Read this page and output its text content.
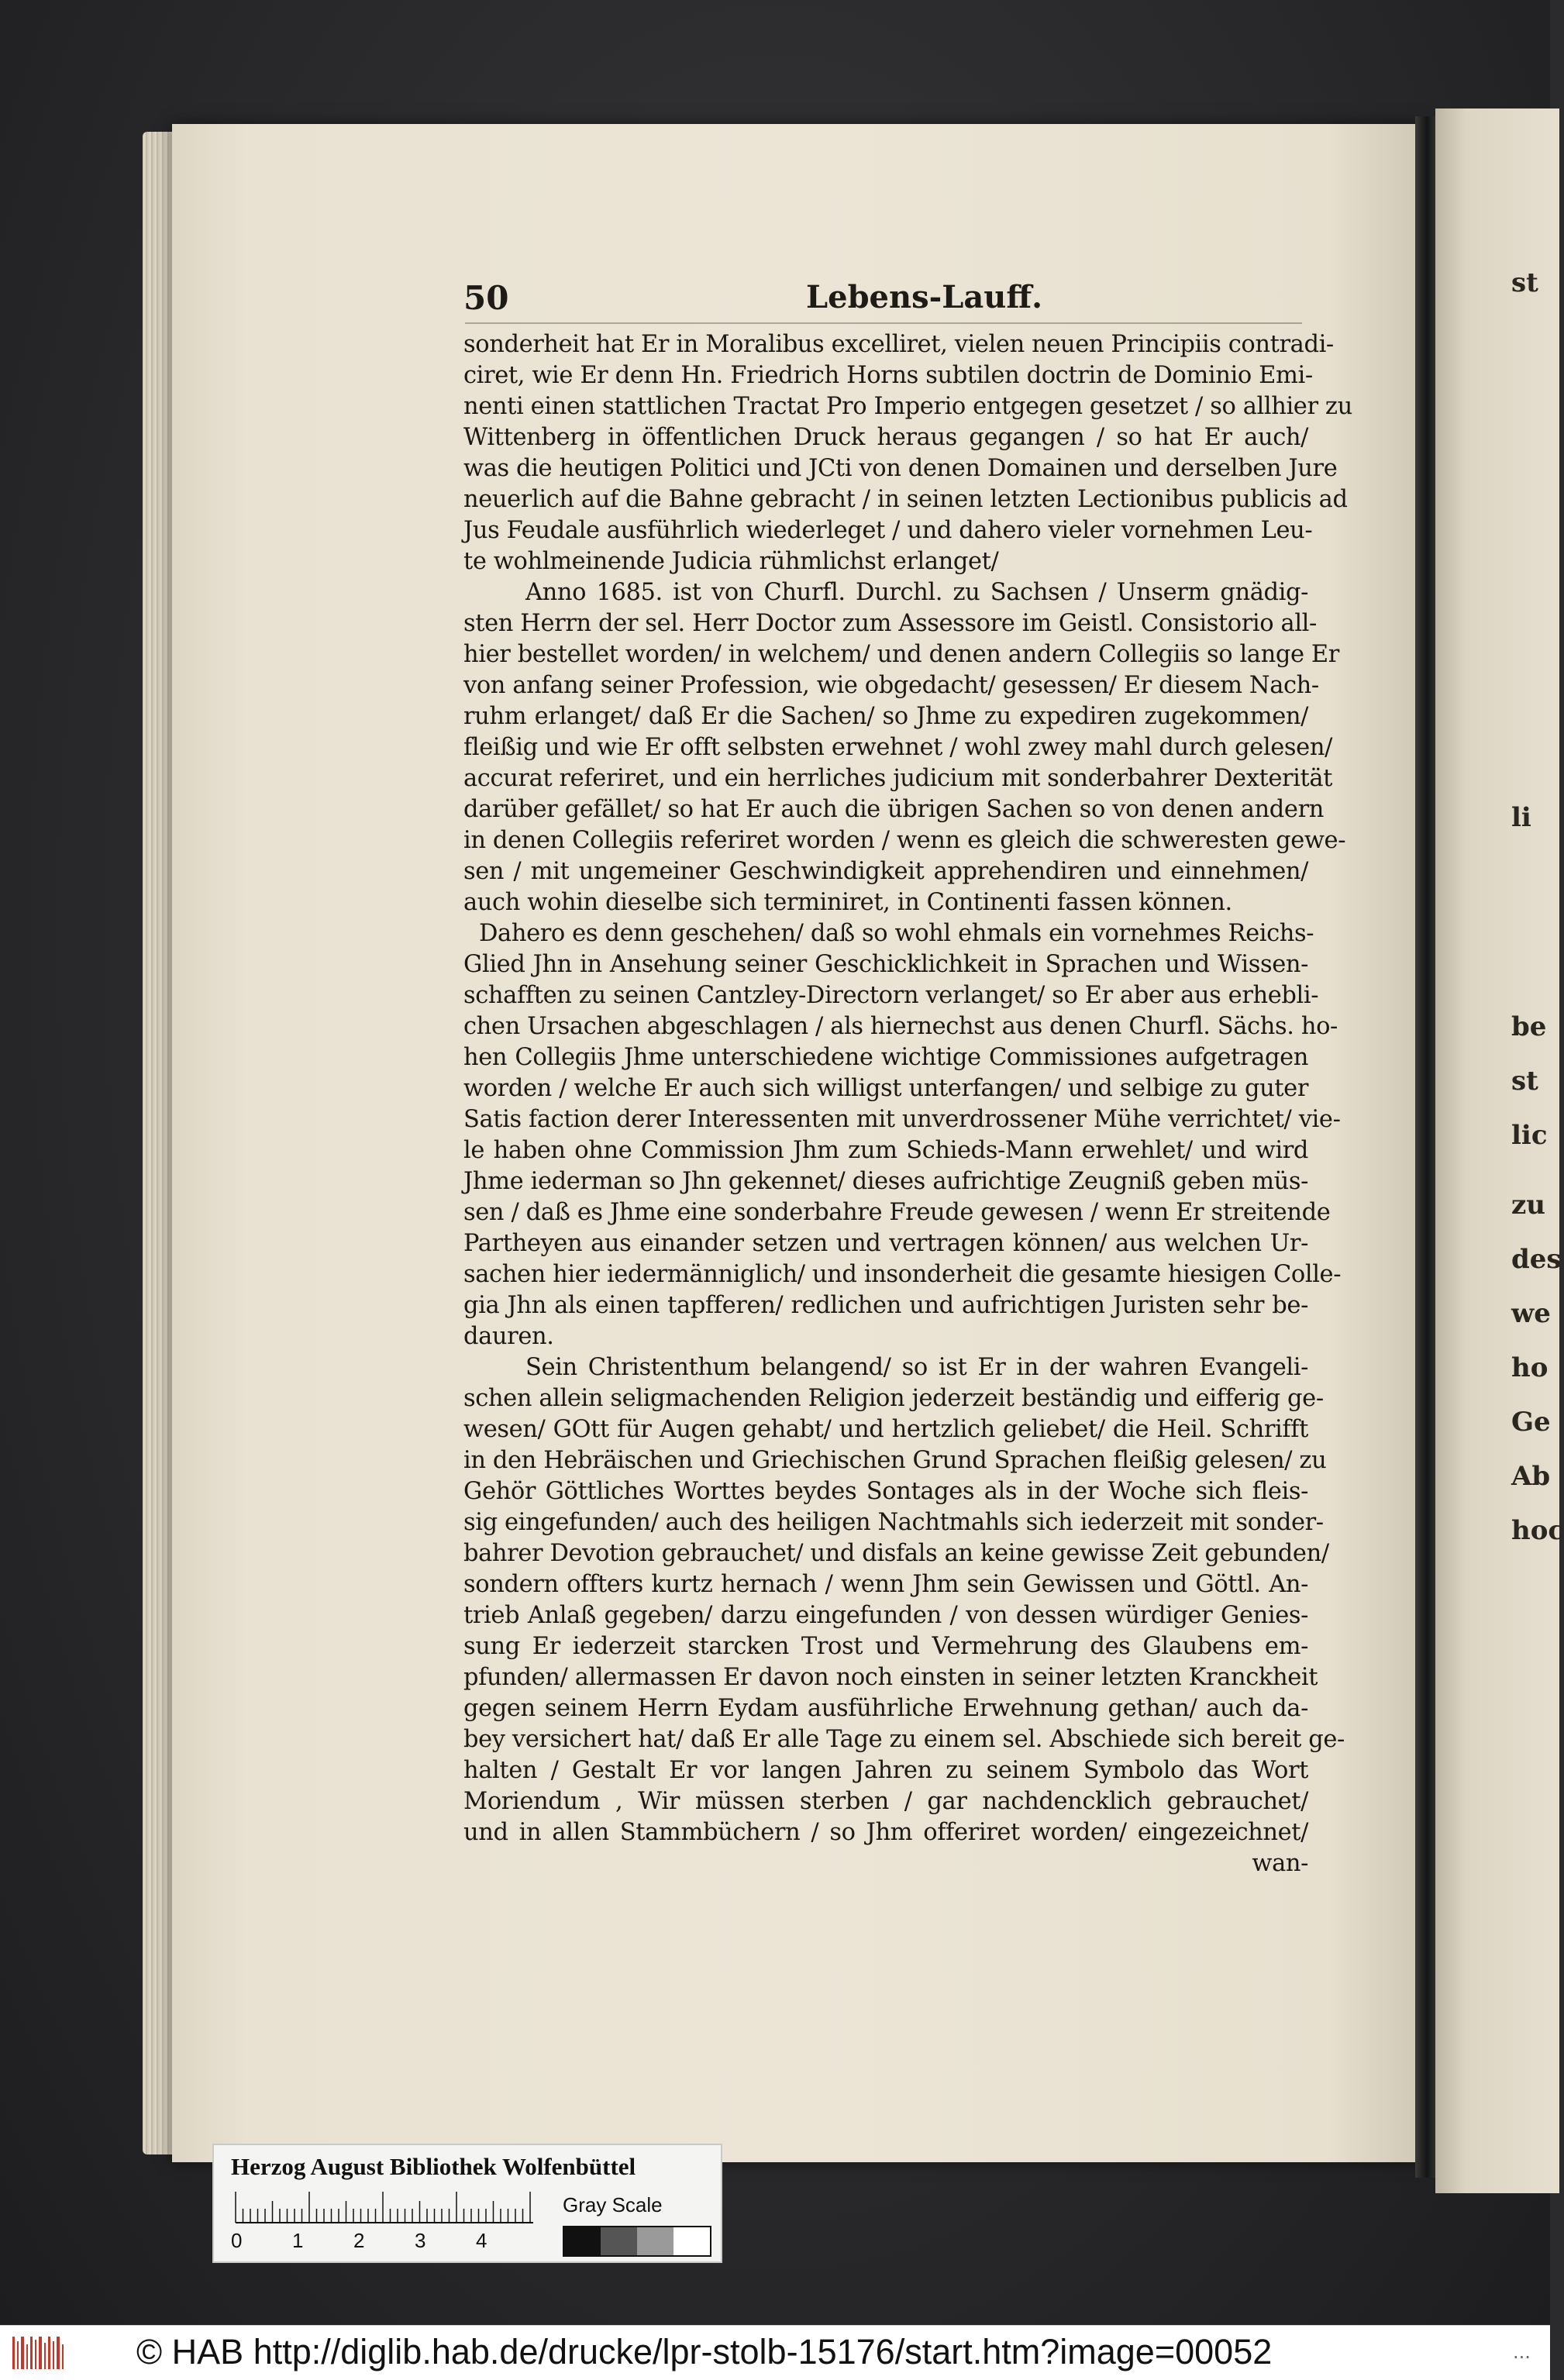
st
li
be
st
lic
zu
des
we
ho
Ge
Ab
hoc
50	Lebens-Lauff.
sonderheit hat Er in Moralibus excelliret, vielen neuen Principiis contradi-
ciret, wie Er denn Hn. Friedrich Horns subtilen doctrin de Dominio Emi-
nenti einen stattlichen Tractat Pro Imperio entgegen gesetzet / so allhier zu
Wittenberg in öffentlichen Druck heraus gegangen / so hat Er auch/
was die heutigen Politici und JCti von denen Domainen und derselben Jure
neuerlich auf die Bahne gebracht / in seinen letzten Lectionibus publicis ad
Jus Feudale ausführlich wiederleget / und dahero vieler vornehmen Leu-
te wohlmeinende Judicia rühmlichst erlanget/
Anno 1685. ist von Churfl. Durchl. zu Sachsen / Unserm gnädig-
sten Herrn der sel. Herr Doctor zum Assessore im Geistl. Consistorio all-
hier bestellet worden/ in welchem/ und denen andern Collegiis so lange Er
von anfang seiner Profession, wie obgedacht/ gesessen/ Er diesem Nach-
ruhm erlanget/ daß Er die Sachen/ so Jhme zu expediren zugekommen/
fleißig und wie Er offt selbsten erwehnet / wohl zwey mahl durch gelesen/
accurat referiret, und ein herrliches judicium mit sonderbahrer Dexterität
darüber gefället/ so hat Er auch die übrigen Sachen so von denen andern
in denen Collegiis referiret worden / wenn es gleich die schweresten gewe-
sen / mit ungemeiner Geschwindigkeit apprehendiren und einnehmen/
auch wohin dieselbe sich terminiret, in Continenti fassen können.
Dahero es denn geschehen/ daß so wohl ehmals ein vornehmes Reichs-
Glied Jhn in Ansehung seiner Geschicklichkeit in Sprachen und Wissen-
schafften zu seinen Cantzley-Directorn verlanget/ so Er aber aus erhebli-
chen Ursachen abgeschlagen / als hiernechst aus denen Churfl. Sächs. ho-
hen Collegiis Jhme unterschiedene wichtige Commissiones aufgetragen
worden / welche Er auch sich willigst unterfangen/ und selbige zu guter
Satis faction derer Interessenten mit unverdrossener Mühe verrichtet/ vie-
le haben ohne Commission Jhm zum Schieds-Mann erwehlet/ und wird
Jhme iederman so Jhn gekennet/ dieses aufrichtige Zeugniß geben müs-
sen / daß es Jhme eine sonderbahre Freude gewesen / wenn Er streitende
Partheyen aus einander setzen und vertragen können/ aus welchen Ur-
sachen hier iedermänniglich/ und insonderheit die gesamte hiesigen Colle-
gia Jhn als einen tapfferen/ redlichen und aufrichtigen Juristen sehr be-
dauren.
Sein Christenthum belangend/ so ist Er in der wahren Evangeli-
schen allein seligmachenden Religion jederzeit beständig und eifferig ge-
wesen/ GOtt für Augen gehabt/ und hertzlich geliebet/ die Heil. Schrifft
in den Hebräischen und Griechischen Grund Sprachen fleißig gelesen/ zu
Gehör Göttliches Worttes beydes Sontages als in der Woche sich fleis-
sig eingefunden/ auch des heiligen Nachtmahls sich iederzeit mit sonder-
bahrer Devotion gebrauchet/ und disfals an keine gewisse Zeit gebunden/
sondern offters kurtz hernach / wenn Jhm sein Gewissen und Göttl. An-
trieb Anlaß gegeben/ darzu eingefunden / von dessen würdiger Genies-
sung Er iederzeit starcken Trost und Vermehrung des Glaubens em-
pfunden/ allermassen Er davon noch einsten in seiner letzten Kranckheit
gegen seinem Herrn Eydam ausführliche Erwehnung gethan/ auch da-
bey versichert hat/ daß Er alle Tage zu einem sel. Abschiede sich bereit ge-
halten / Gestalt Er vor langen Jahren zu seinem Symbolo das Wort
Moriendum , Wir müssen sterben / gar nachdencklich gebrauchet/
und in allen Stammbüchern / so Jhm offeriret worden/ eingezeichnet/
wan-
Herzog August Bibliothek Wolfenbüttel
0 1 2 3 4
Gray Scale
© HAB http://diglib.hab.de/drucke/lpr-stolb-15176/start.htm?image=00052	...
